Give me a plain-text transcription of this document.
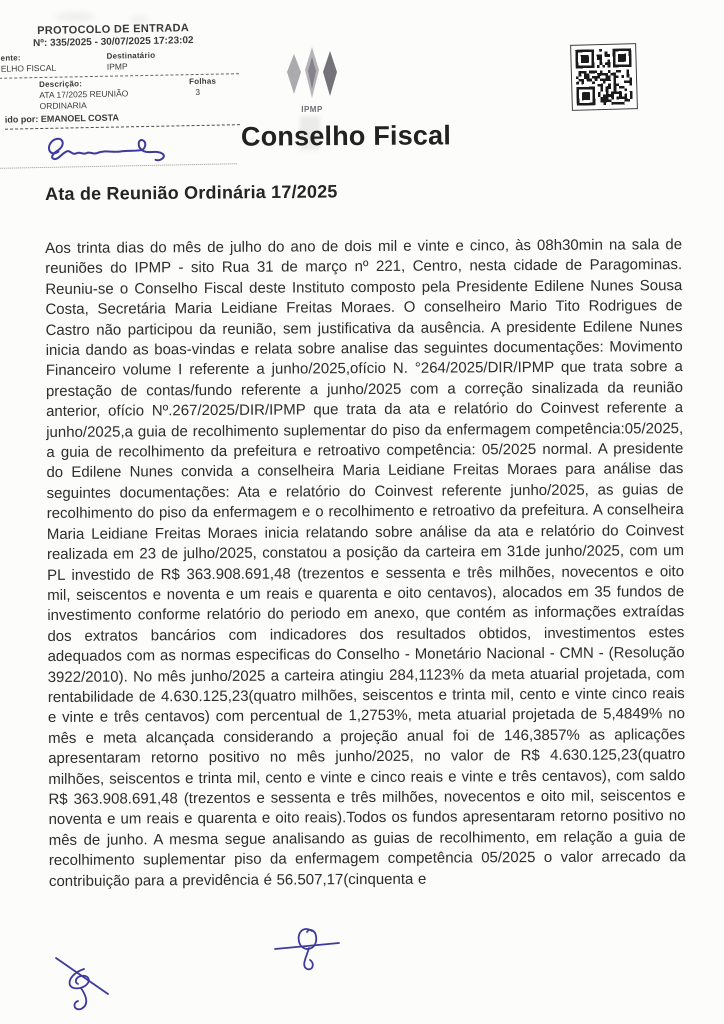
PROTOCOLO DE ENTRADA
Nº: 335/2025 - 30/07/2025 17:23:02
ente:
ELHO FISCAL
Destinatário
IPMP
Descrição:
ATA 17/2025 REUNIÃO
ORDINARIA
Folhas
3
ido por: EMANOEL COSTA
IPMP
Conselho Fiscal
Ata de Reunião Ordinária 17/2025
Aos trinta dias do mês de julho do ano de dois mil e vinte e cinco, às 08h30min na sala de reuniões do IPMP - sito Rua 31 de março nº 221, Centro, nesta cidade de Paragominas. Reuniu-se o Conselho Fiscal deste Instituto composto pela Presidente Edilene Nunes Sousa Costa, Secretária Maria Leidiane Freitas Moraes. O conselheiro Mario Tito Rodrigues de Castro não participou da reunião, sem justificativa da ausência. A presidente Edilene Nunes inicia dando as boas-vindas e relata sobre analise das seguintes documentações: Movimento Financeiro volume I referente a junho/2025,ofício N. °264/2025/DIR/IPMP que trata sobre a prestação de contas/fundo referente a junho/2025 com a correção sinalizada da reunião anterior, ofício Nº.267/2025/DIR/IPMP que trata da ata e relatório do Coinvest referente a junho/2025,a guia de recolhimento suplementar do piso da enfermagem competência:05/2025, a guia de recolhimento da prefeitura e retroativo competência: 05/2025 normal. A presidente do Edilene Nunes convida a conselheira Maria Leidiane Freitas Moraes para análise das seguintes documentações: Ata e relatório do Coinvest referente junho/2025, as guias de recolhimento do piso da enfermagem e o recolhimento e retroativo da prefeitura. A conselheira Maria Leidiane Freitas Moraes inicia relatando sobre análise da ata e relatório do Coinvest realizada em 23 de julho/2025, constatou a posição da carteira em 31de junho/2025, com um PL investido de R$ 363.908.691,48 (trezentos e sessenta e três milhões, novecentos e oito mil, seiscentos e noventa e um reais e quarenta e oito centavos), alocados em 35 fundos de investimento conforme relatório do periodo em anexo, que contém as informações extraídas dos extratos bancários com indicadores dos resultados obtidos, investimentos estes adequados com as normas especificas do Conselho - Monetário Nacional - CMN - (Resolução 3922/2010). No mês junho/2025 a carteira atingiu 284,1123% da meta atuarial projetada, com rentabilidade de 4.630.125,23(quatro milhões, seiscentos e trinta mil, cento e vinte cinco reais e vinte e três centavos) com percentual de 1,2753%, meta atuarial projetada de 5,4849% no mês e meta alcançada considerando a projeção anual foi de 146,3857% as aplicações apresentaram retorno positivo no mês junho/2025, no valor de R$ 4.630.125,23(quatro milhões, seiscentos e trinta mil, cento e vinte e cinco reais e vinte e três centavos), com saldo R$ 363.908.691,48 (trezentos e sessenta e três milhões, novecentos e oito mil, seiscentos e noventa e um reais e quarenta e oito reais).Todos os fundos apresentaram retorno positivo no mês de junho. A mesma segue analisando as guias de recolhimento, em relação a guia de recolhimento suplementar piso da enfermagem competência 05/2025 o valor arrecado da contribuição para a previdência é 56.507,17(cinquenta e
